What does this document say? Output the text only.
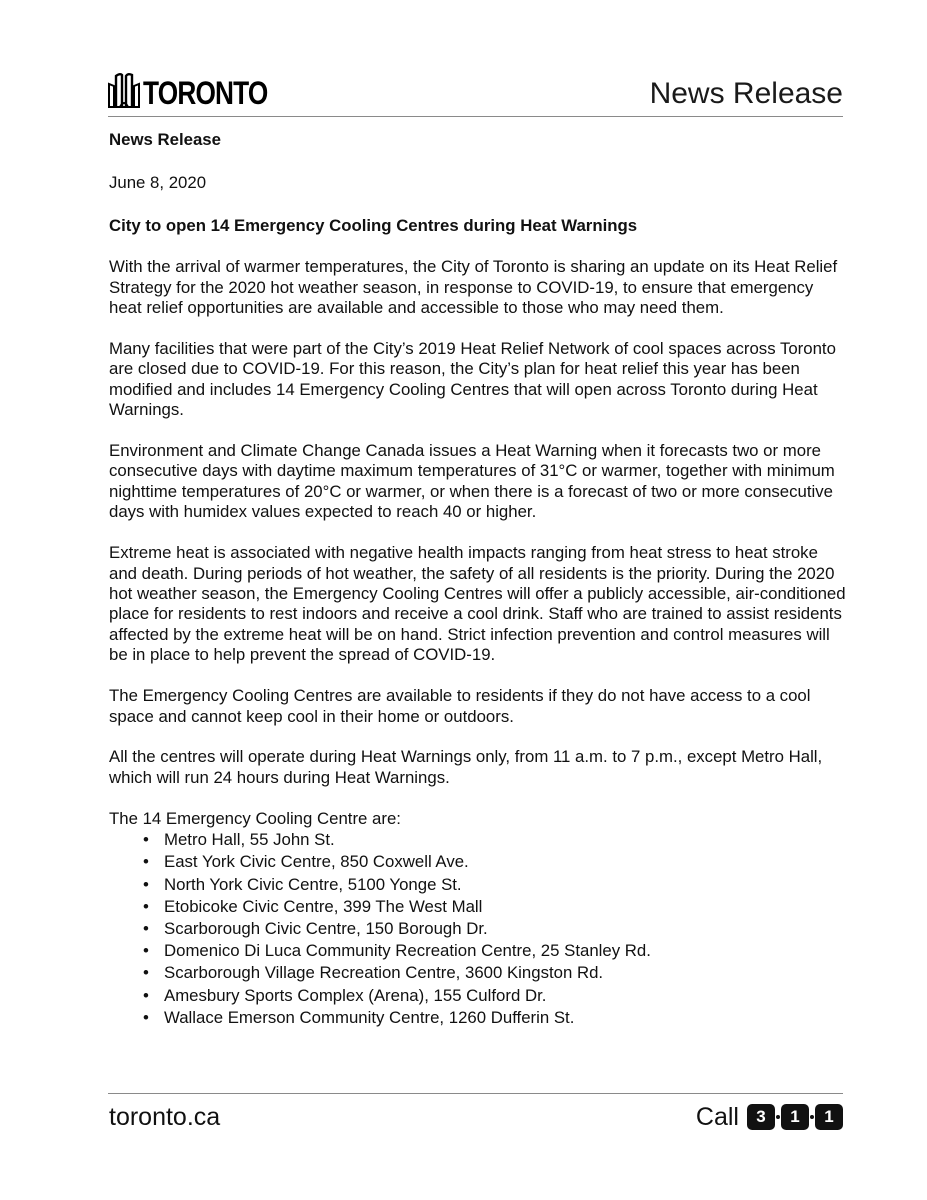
TORONTO	News Release

News Release

June 8, 2020

City to open 14 Emergency Cooling Centres during Heat Warnings

With the arrival of warmer temperatures, the City of Toronto is sharing an update on its Heat Relief Strategy for the 2020 hot weather season, in response to COVID-19, to ensure that emergency heat relief opportunities are available and accessible to those who may need them.

Many facilities that were part of the City’s 2019 Heat Relief Network of cool spaces across Toronto are closed due to COVID-19. For this reason, the City’s plan for heat relief this year has been modified and includes 14 Emergency Cooling Centres that will open across Toronto during Heat Warnings.

Environment and Climate Change Canada issues a Heat Warning when it forecasts two or more consecutive days with daytime maximum temperatures of 31°C or warmer, together with minimum nighttime temperatures of 20°C or warmer, or when there is a forecast of two or more consecutive days with humidex values expected to reach 40 or higher.

Extreme heat is associated with negative health impacts ranging from heat stress to heat stroke and death. During periods of hot weather, the safety of all residents is the priority. During the 2020 hot weather season, the Emergency Cooling Centres will offer a publicly accessible, air-conditioned place for residents to rest indoors and receive a cool drink. Staff who are trained to assist residents affected by the extreme heat will be on hand. Strict infection prevention and control measures will be in place to help prevent the spread of COVID-19.

The Emergency Cooling Centres are available to residents if they do not have access to a cool space and cannot keep cool in their home or outdoors.

All the centres will operate during Heat Warnings only, from 11 a.m. to 7 p.m., except Metro Hall, which will run 24 hours during Heat Warnings.

The 14 Emergency Cooling Centre are:

• Metro Hall, 55 John St.
• East York Civic Centre, 850 Coxwell Ave.
• North York Civic Centre, 5100 Yonge St.
• Etobicoke Civic Centre, 399 The West Mall
• Scarborough Civic Centre, 150 Borough Dr.
• Domenico Di Luca Community Recreation Centre, 25 Stanley Rd.
• Scarborough Village Recreation Centre, 3600 Kingston Rd.
• Amesbury Sports Complex (Arena), 155 Culford Dr.
• Wallace Emerson Community Centre, 1260 Dufferin St.
toronto.ca	Call	3	1	1
